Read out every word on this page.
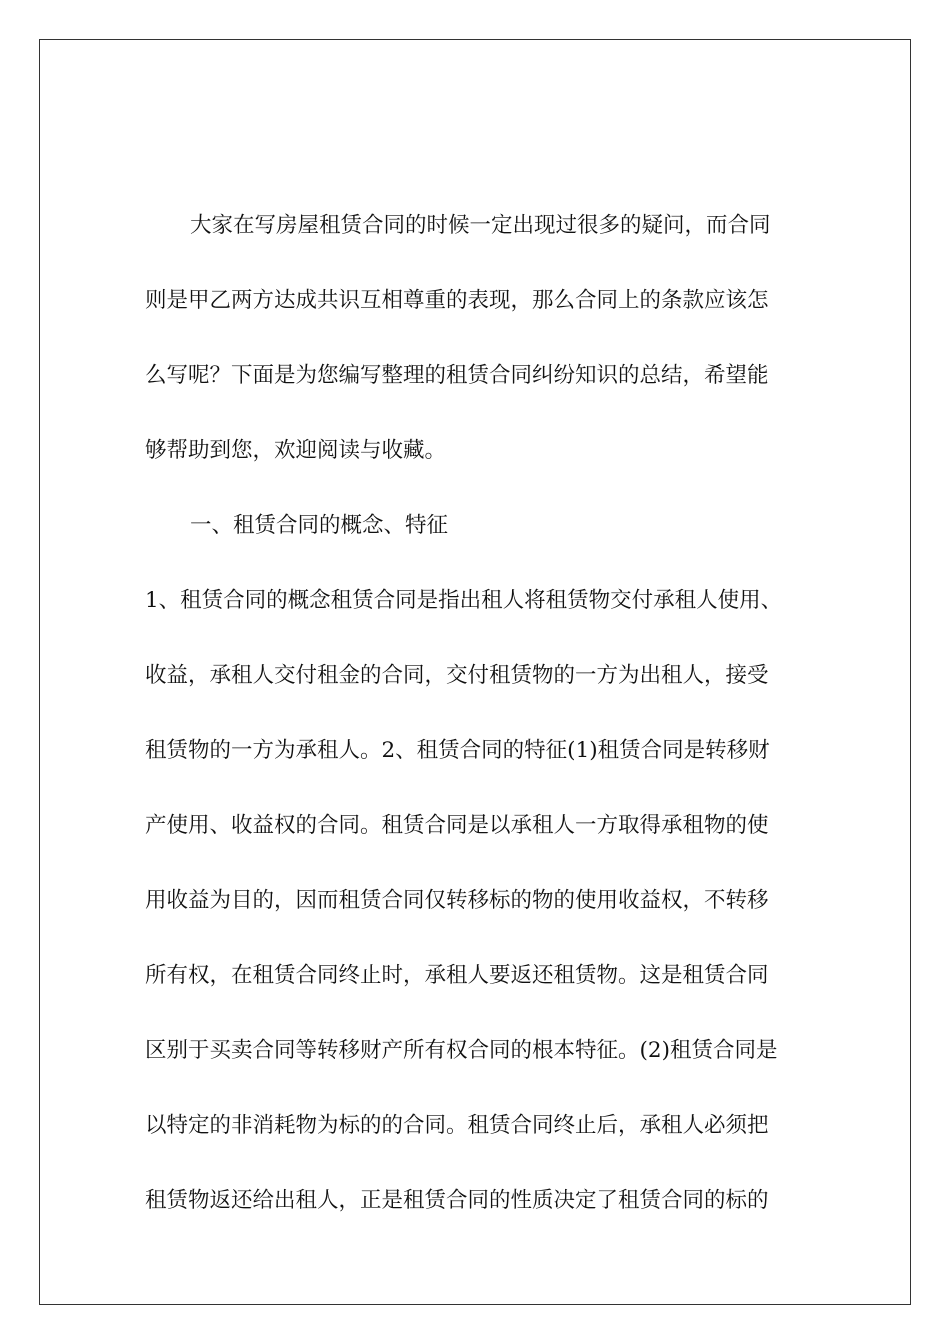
大家在写房屋租赁合同的时候一定出现过很多的疑问，而合同
则是甲乙两方达成共识互相尊重的表现，那么合同上的条款应该怎
么写呢？下面是为您编写整理的租赁合同纠纷知识的总结，希望能
够帮助到您，欢迎阅读与收藏。
一、租赁合同的概念、特征
1、租赁合同的概念租赁合同是指出租人将租赁物交付承租人使用、
收益，承租人交付租金的合同，交付租赁物的一方为出租人，接受
租赁物的一方为承租人。2、租赁合同的特征(1)租赁合同是转移财
产使用、收益权的合同。租赁合同是以承租人一方取得承租物的使
用收益为目的，因而租赁合同仅转移标的物的使用收益权，不转移
所有权，在租赁合同终止时，承租人要返还租赁物。这是租赁合同
区别于买卖合同等转移财产所有权合同的根本特征。(2)租赁合同是
以特定的非消耗物为标的的合同。租赁合同终止后，承租人必须把
租赁物返还给出租人，正是租赁合同的性质决定了租赁合同的标的
